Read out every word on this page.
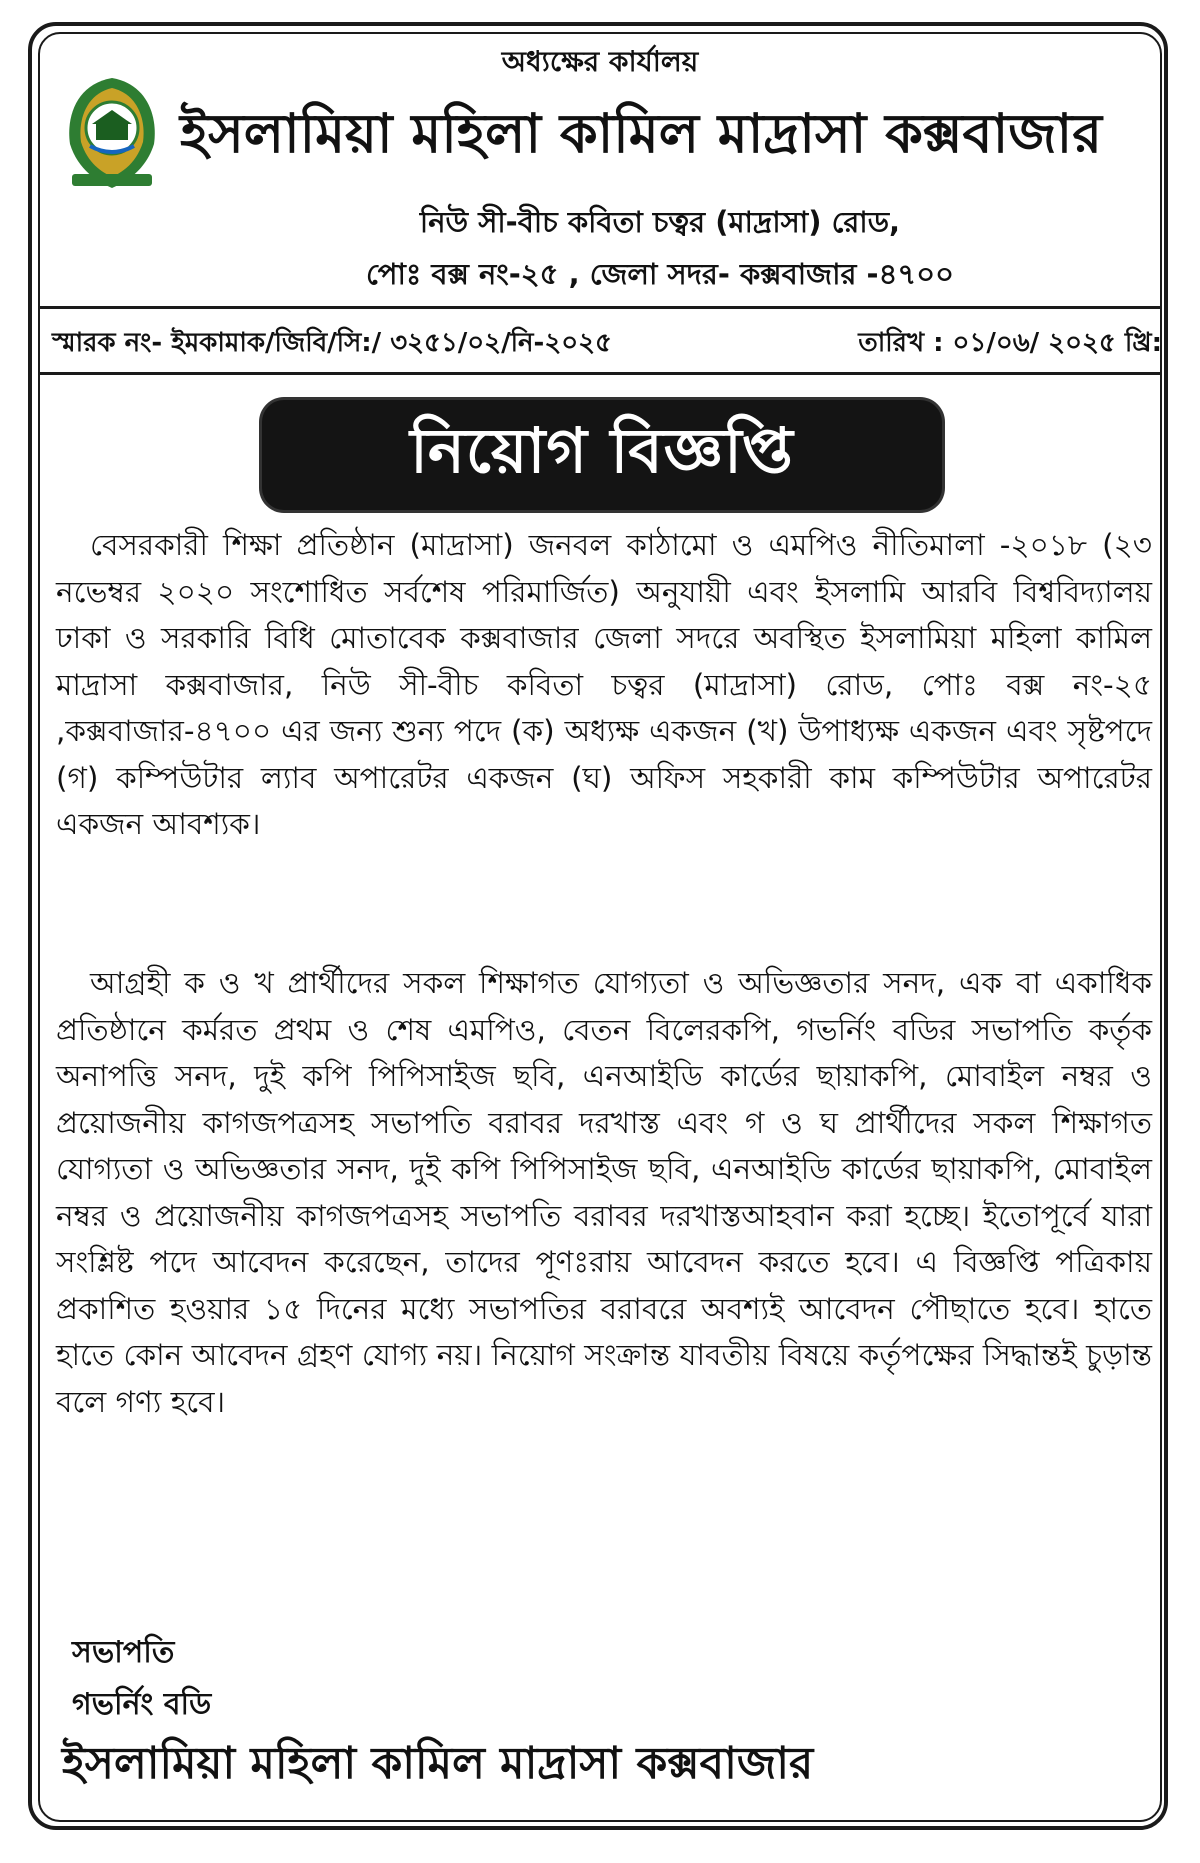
অধ্যক্ষের কার্যালয়
ইসলামিয়া মহিলা কামিল মাদ্রাসা কক্সবাজার
নিউ সী-বীচ কবিতা চত্বর (মাদ্রাসা) রোড,
পোঃ বক্স নং-২৫ , জেলা সদর- কক্সবাজার -৪৭০০
স্মারক নং- ইমকামাক/জিবি/সি:/ ৩২৫১/০২/নি-২০২৫	তারিখ : ০১/০৬/ ২০২৫ খ্রি:
নিয়োগ বিজ্ঞপ্তি
বেসরকারী শিক্ষা প্রতিষ্ঠান (মাদ্রাসা) জনবল কাঠামো ও এমপিও নীতিমালা -২০১৮ (২৩ নভেম্বর ২০২০ সংশোধিত সর্বশেষ পরিমার্জিত) অনুযায়ী এবং ইসলামি আরবি বিশ্ববিদ্যালয় ঢাকা ও সরকারি বিধি মোতাবেক কক্সবাজার জেলা সদরে অবস্থিত ইসলামিয়া মহিলা কামিল মাদ্রাসা কক্সবাজার, নিউ সী-বীচ কবিতা চত্বর (মাদ্রাসা) রোড, পোঃ বক্স নং-২৫ ,কক্সবাজার-৪৭০০ এর জন্য শুন্য পদে (ক) অধ্যক্ষ একজন (খ) উপাধ্যক্ষ একজন এবং সৃষ্টপদে (গ) কম্পিউটার ল্যাব অপারেটর একজন (ঘ) অফিস সহকারী কাম কম্পিউটার অপারেটর একজন আবশ্যক।
আগ্রহী ক ও খ প্রার্থীদের সকল শিক্ষাগত যোগ্যতা ও অভিজ্ঞতার সনদ, এক বা একাধিক প্রতিষ্ঠানে কর্মরত প্রথম ও শেষ এমপিও, বেতন বিলেরকপি, গভর্নিং বডির সভাপতি কর্তৃক অনাপত্তি সনদ, দুই কপি পিপিসাইজ ছবি, এনআইডি কার্ডের ছায়াকপি, মোবাইল নম্বর ও প্রয়োজনীয় কাগজপত্রসহ সভাপতি বরাবর দরখাস্ত এবং গ ও ঘ প্রার্থীদের সকল শিক্ষাগত যোগ্যতা ও অভিজ্ঞতার সনদ, দুই কপি পিপিসাইজ ছবি, এনআইডি কার্ডের ছায়াকপি, মোবাইল নম্বর ও প্রয়োজনীয় কাগজপত্রসহ সভাপতি বরাবর দরখাস্তআহবান করা হচ্ছে। ইতোপূর্বে যারা সংশ্লিষ্ট পদে আবেদন করেছেন, তাদের পূণঃরায় আবেদন করতে হবে। এ বিজ্ঞপ্তি পত্রিকায় প্রকাশিত হওয়ার ১৫ দিনের মধ্যে সভাপতির বরাবরে অবশ্যই আবেদন পৌছাতে হবে। হাতে হাতে কোন আবেদন গ্রহণ যোগ্য নয়। নিয়োগ সংক্রান্ত যাবতীয় বিষয়ে কর্তৃপক্ষের সিদ্ধান্তই চুড়ান্ত বলে গণ্য হবে।
সভাপতি
গভর্নিং বডি
ইসলামিয়া মহিলা কামিল মাদ্রাসা কক্সবাজার
